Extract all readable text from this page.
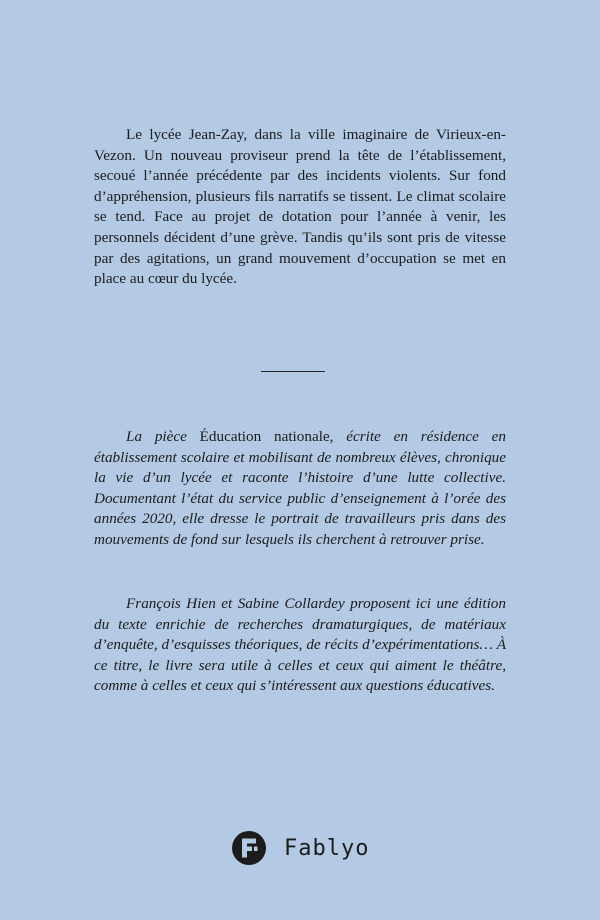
Le lycée Jean-Zay, dans la ville imaginaire de Virieux-en-Vezon. Un nouveau proviseur prend la tête de l’établissement, secoué l’année précédente par des incidents violents. Sur fond d’appréhension, plusieurs fils narratifs se tissent. Le climat scolaire se tend. Face au projet de dotation pour l’année à venir, les personnels décident d’une grève. Tandis qu’ils sont pris de vitesse par des agitations, un grand mouvement d’occupation se met en place au cœur du lycée.

La pièce Éducation nationale, écrite en résidence en établissement scolaire et mobilisant de nombreux élèves, chronique la vie d’un lycée et raconte l’histoire d’une lutte collective. Documentant l’état du service public d’enseignement à l’orée des années 2020, elle dresse le portrait de travailleurs pris dans des mouvements de fond sur lesquels ils cherchent à retrouver prise.

François Hien et Sabine Collardey proposent ici une édition du texte enrichie de recherches dramaturgiques, de matériaux d’enquête, d’esquisses théoriques, de récits d’expérimentations… À ce titre, le livre sera utile à celles et ceux qui aiment le théâtre, comme à celles et ceux qui s’intéressent aux questions éducatives.

Fablyo
